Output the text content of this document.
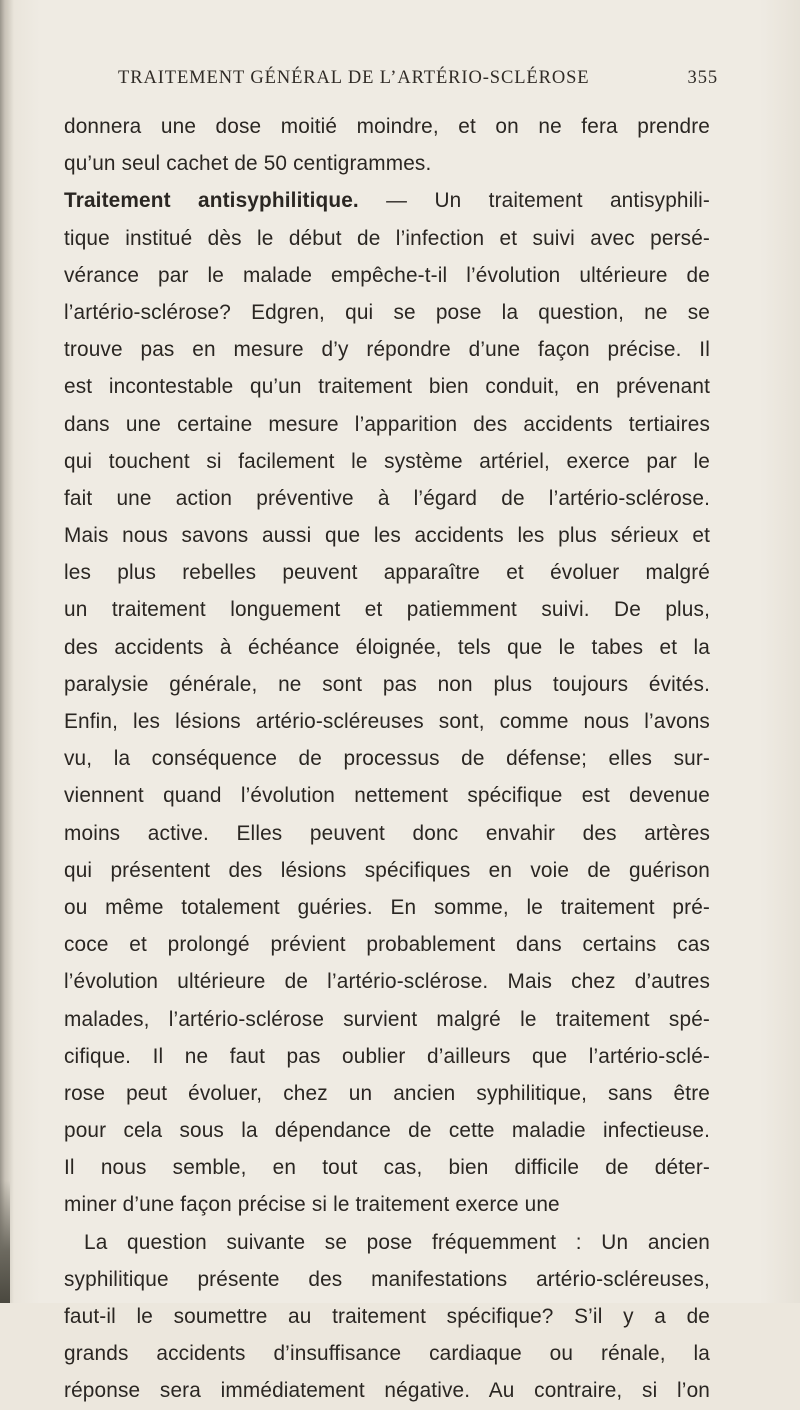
TRAITEMENT GÉNÉRAL DE L’ARTÉRIO-SCLÉROSE	355
donnera une dose moitié moindre, et on ne fera prendre
qu’un seul cachet de 50 centigrammes.
Traitement antisyphilitique. — Un traitement antisyphili-
tique institué dès le début de l’infection et suivi avec persé-
vérance par le malade empêche-t-il l’évolution ultérieure de
l’artério-sclérose? Edgren, qui se pose la question, ne se
trouve pas en mesure d’y répondre d’une façon précise. Il
est incontestable qu’un traitement bien conduit, en prévenant
dans une certaine mesure l’apparition des accidents tertiaires
qui touchent si facilement le système artériel, exerce par le
fait une action préventive à l’égard de l’artério-sclérose.
Mais nous savons aussi que les accidents les plus sérieux et
les plus rebelles peuvent apparaître et évoluer malgré
un traitement longuement et patiemment suivi. De plus,
des accidents à échéance éloignée, tels que le tabes et la
paralysie générale, ne sont pas non plus toujours évités.
Enfin, les lésions artério-scléreuses sont, comme nous l’avons
vu, la conséquence de processus de défense; elles sur-
viennent quand l’évolution nettement spécifique est devenue
moins active. Elles peuvent donc envahir des artères
qui présentent des lésions spécifiques en voie de guérison
ou même totalement guéries. En somme, le traitement pré-
coce et prolongé prévient probablement dans certains cas
l’évolution ultérieure de l’artério-sclérose. Mais chez d’autres
malades, l’artério-sclérose survient malgré le traitement spé-
cifique. Il ne faut pas oublier d’ailleurs que l’artério-sclé-
rose peut évoluer, chez un ancien syphilitique, sans être
pour cela sous la dépendance de cette maladie infectieuse.
Il nous semble, en tout cas, bien difficile de déter-
miner d’une façon précise si le traitement exerce une
La question suivante se pose fréquemment : Un ancien
syphilitique présente des manifestations artério-scléreuses,
faut-il le soumettre au traitement spécifique? S’il y a de
grands accidents d’insuffisance cardiaque ou rénale, la
réponse sera immédiatement négative. Au contraire, si l’on
